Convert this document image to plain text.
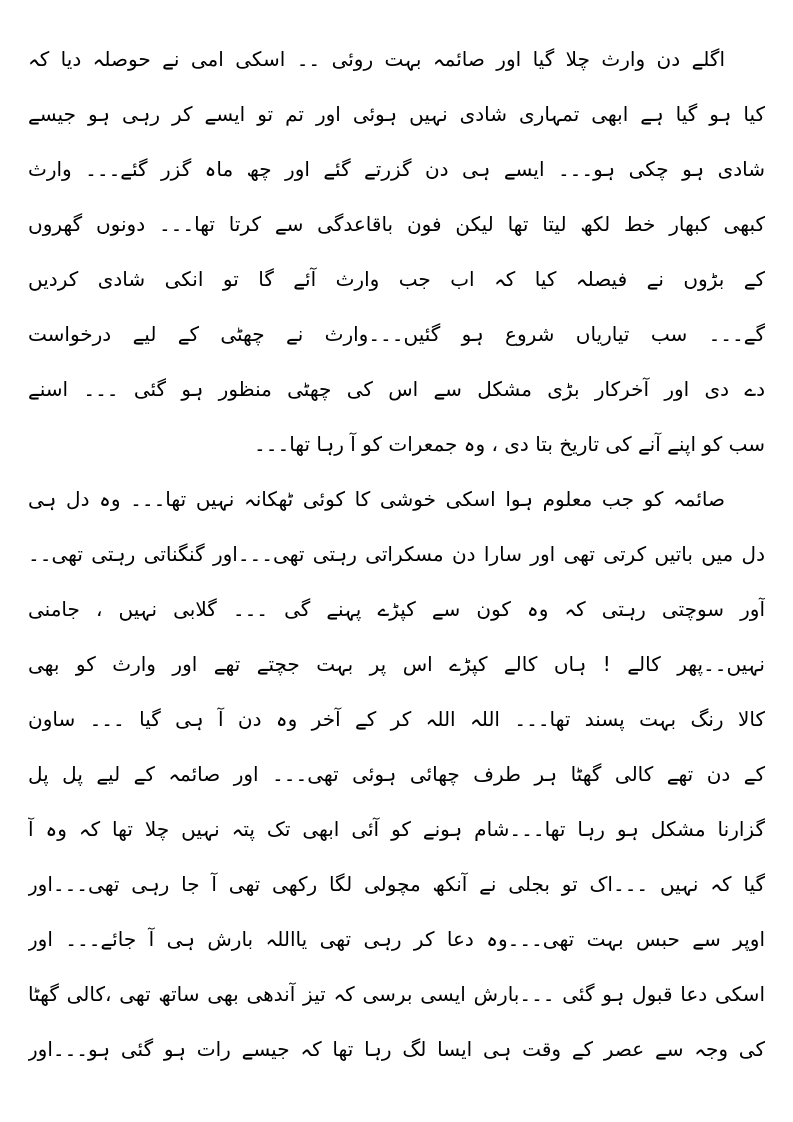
اگلے دن وارث چلا گیا اور صائمہ بہت روئی ۔۔ اسکی امی نے حوصلہ دیا کہ
کیا ہو گیا ہے ابھی تمہاری شادی نہیں ہوئی اور تم تو ایسے کر رہی ہو جیسے
شادی ہو چکی ہو۔۔۔ ایسے ہی دن گزرتے گئے اور چھ ماہ گزر گئے۔۔۔ وارث
کبھی کبھار خط لکھ لیتا تھا لیکن فون باقاعدگی سے کرتا تھا۔۔۔ دونوں گھروں
کے بڑوں نے فیصلہ کیا کہ اب جب وارث آئے گا تو انکی شادی کردیں
گے۔۔۔ سب تیاریاں شروع ہو گئیں۔۔۔وارث نے چھٹی کے لیے درخواست
دے دی اور آخرکار بڑی مشکل سے اس کی چھٹی منظور ہو گئی ۔۔۔ اسنے
سب کو اپنے آنے کی تاریخ بتا دی ، وہ جمعرات کو آ رہا تھا۔۔۔
صائمہ کو جب معلوم ہوا اسکی خوشی کا کوئی ٹھکانہ نہیں تھا۔۔۔ وہ دل ہی
دل میں باتیں کرتی تھی اور سارا دن مسکراتی رہتی تھی۔۔۔اور گنگناتی رہتی تھی۔۔
آور سوچتی رہتی کہ وہ کون سے کپڑے پہنے گی ۔۔۔ گلابی نہیں ، جامنی
نہیں۔۔پھر کالے ! ہاں کالے کپڑے اس پر بہت جچتے تھے اور وارث کو بھی
کالا رنگ بہت پسند تھا۔۔۔ اللہ اللہ کر کے آخر وہ دن آ ہی گیا ۔۔۔ ساون
کے دن تھے کالی گھٹا ہر طرف چھائی ہوئی تھی۔۔۔ اور صائمہ کے لیے پل پل
گزارنا مشکل ہو رہا تھا۔۔۔شام ہونے کو آئی ابھی تک پتہ نہیں چلا تھا کہ وہ آ
گیا کہ نہیں ۔۔۔اک تو بجلی نے آنکھ مچولی لگا رکھی تھی آ جا رہی تھی۔۔۔اور
اوپر سے حبس بہت تھی۔۔۔وہ دعا کر رہی تھی یااللہ بارش ہی آ جائے۔۔۔ اور
اسکی دعا قبول ہو گئی ۔۔۔بارش ایسی برسی کہ تیز آندھی بھی ساتھ تھی ،کالی گھٹا
کی وجہ سے عصر کے وقت ہی ایسا لگ رہا تھا کہ جیسے رات ہو گئی ہو۔۔۔اور
